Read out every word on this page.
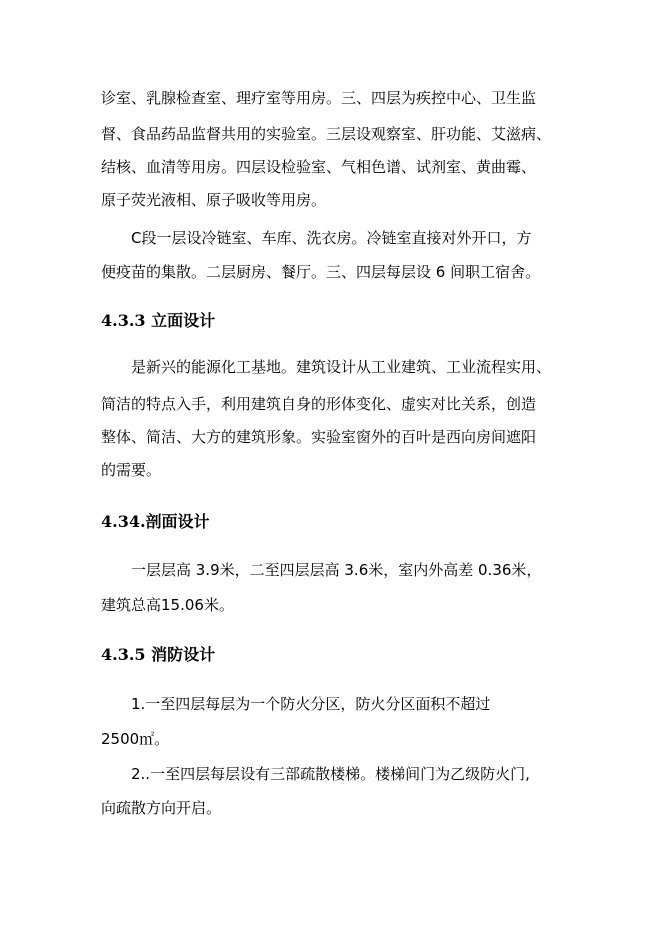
诊室、乳腺检查室、理疗室等用房。三、四层为疾控中心、卫生监
督、食品药品监督共用的实验室。三层设观察室、肝功能、艾滋病、
结核、血清等用房。四层设检验室、气相色谱、试剂室、黄曲霉、
原子荧光液相、原子吸收等用房。
C段一层设冷链室、车库、洗衣房。冷链室直接对外开口，方
便疫苗的集散。二层厨房、餐厅。三、四层每层设 6 间职工宿舍。
4.3.3 立面设计
是新兴的能源化工基地。建筑设计从工业建筑、工业流程实用、
简洁的特点入手，利用建筑自身的形体变化、虚实对比关系，创造
整体、简洁、大方的建筑形象。实验室窗外的百叶是西向房间遮阳
的需要。
4.34.剖面设计
一层层高 3.9米，二至四层层高 3.6米，室内外高差 0.36米，
建筑总高15.06米。
4.3.5 消防设计
1.一至四层每层为一个防火分区，防火分区面积不超过
2500㎡。
2..一至四层每层设有三部疏散楼梯。楼梯间门为乙级防火门,
向疏散方向开启。
